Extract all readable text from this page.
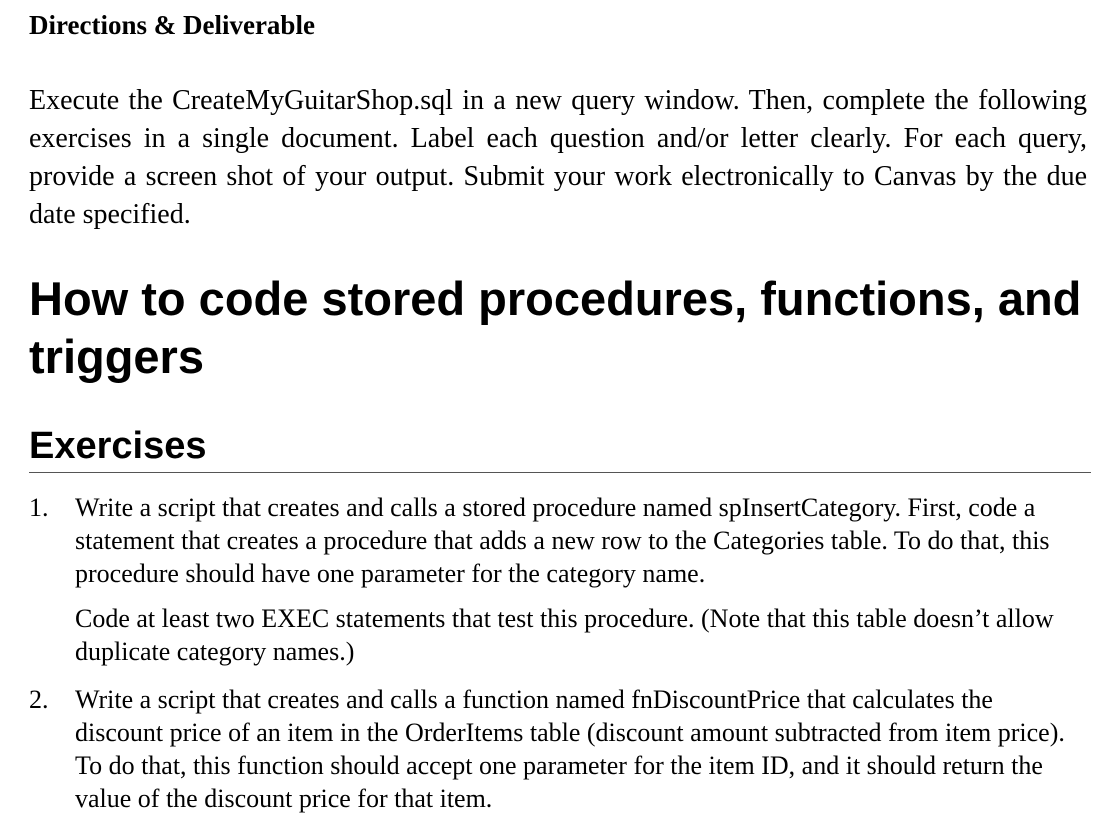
Directions & Deliverable

Execute the CreateMyGuitarShop.sql in a new query window. Then, complete the following exercises in a single document. Label each question and/or letter clearly. For each query, provide a screen shot of your output. Submit your work electronically to Canvas by the due date specified.

How to code stored procedures, functions, and triggers
Exercises
1. Write a script that creates and calls a stored procedure named spInsertCategory. First, code a statement that creates a procedure that adds a new row to the Categories table. To do that, this procedure should have one parameter for the category name.

Code at least two EXEC statements that test this procedure. (Note that this table doesn’t allow duplicate category names.)

2. Write a script that creates and calls a function named fnDiscountPrice that calculates the discount price of an item in the OrderItems table (discount amount subtracted from item price). To do that, this function should accept one parameter for the item ID, and it should return the value of the discount price for that item.
